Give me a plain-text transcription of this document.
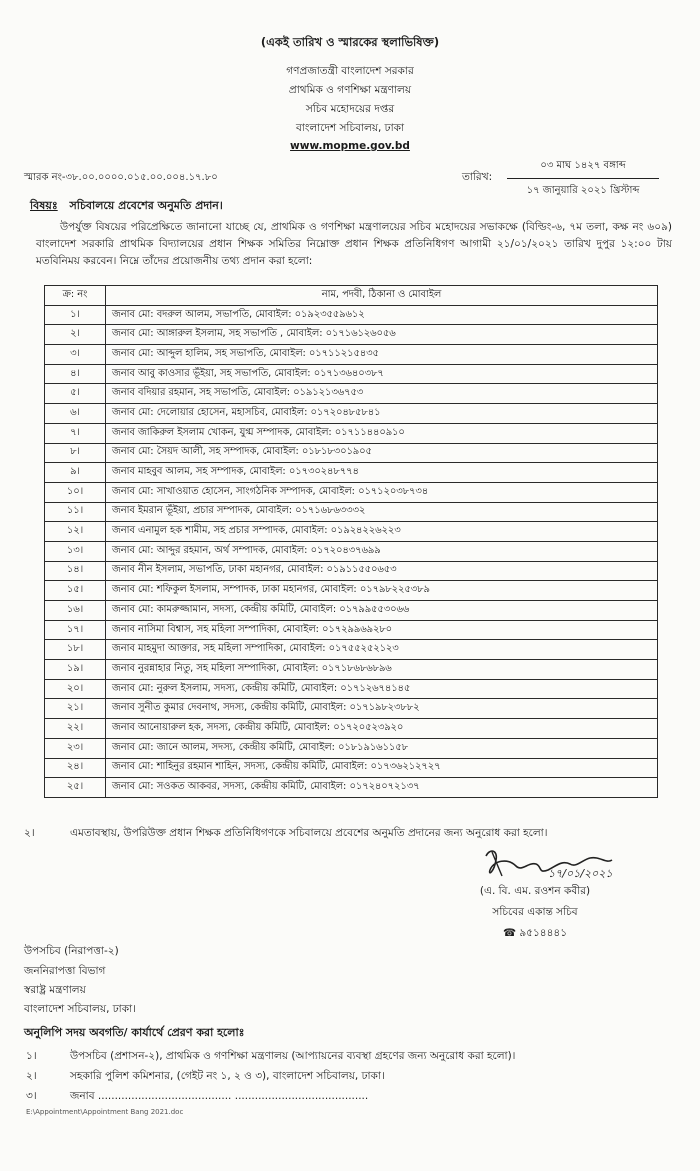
(একই তারিখ ও স্মারকের স্থলাভিষিক্ত)
গণপ্রজাতন্ত্রী বাংলাদেশ সরকার
প্রাথমিক ও গণশিক্ষা মন্ত্রণালয়
সচিব মহোদয়ের দপ্তর
বাংলাদেশ সচিবালয়, ঢাকা
www.mopme.gov.bd
স্মারক নং-৩৮.০০.০০০০.০১৫.০০.০০৪.১৭.৮০	তারিখ:
০৩ মাঘ ১৪২৭ বঙ্গাব্দ
১৭ জানুয়ারি ২০২১ খ্রিস্টাব্দ
বিষয়ঃ সচিবালয়ে প্রবেশের অনুমতি প্রদান।
উপর্যুক্ত বিষয়ের পরিপ্রেক্ষিতে জানানো যাচ্ছে যে, প্রাথমিক ও গণশিক্ষা মন্ত্রণালয়ের সচিব মহোদয়ের সভাকক্ষে (বিল্ডিং-৬, ৭ম তলা, কক্ষ নং ৬০৯) বাংলাদেশ সরকারি প্রাথমিক বিদ্যালয়ের প্রধান শিক্ষক সমিতির নিম্নোক্ত প্রধান শিক্ষক প্রতিনিধিগণ আগামী ২১/০১/২০২১ তারিখ দুপুর ১২:০০ টায় মতবিনিময় করবেন। নিম্নে তাঁদের প্রয়োজনীয় তথ্য প্রদান করা হলো:
ক্র: নং	নাম, পদবী, ঠিকানা ও মোবাইল
১।	জনাব মো: বদরুল আলম, সভাপতি, মোবাইল: ০১৯২৩৫৫৯৬১২
২।	জনাব মো: আঙ্গারুল ইসলাম, সহ সভাপতি , মোবাইল: ০১৭১৬১২৬০৫৬
৩।	জনাব মো: আব্দুল হালিম, সহ সভাপতি, মোবাইল: ০১৭১১২১৫৪৩৫
৪।	জনাব আবু কাওসার ভূঁইয়া, সহ সভাপতি, মোবাইল: ০১৭১৩৬৪০৩৮৭
৫।	জনাব বদিয়ার রহমান, সহ সভাপতি, মোবাইল: ০১৯১২১৩৬৭৫৩
৬।	জনাব মো: দেলোয়ার হোসেন, মহাসচিব, মোবাইল: ০১৭২০৪৮৫৮৪১
৭।	জনাব জাকিরুল ইসলাম খোকন, যুগ্ম সম্পাদক, মোবাইল: ০১৭১১৪৪০৯১০
৮।	জনাব মো: সৈয়দ আলী, সহ সম্পাদক, মোবাইল: ০১৮১৮৩০১৯০৫
৯।	জনাব মাহবুব আলম, সহ সম্পাদক, মোবাইল: ০১৭৩০২৪৮৭৭৪
১০।	জনাব মো: সাখাওয়াত হোসেন, সাংগঠনিক সম্পাদক, মোবাইল: ০১৭১২০৩৮৭৩৪
১১।	জনাব ইমরান ভূঁইয়া, প্রচার সম্পাদক, মোবাইল: ০১৭১৬৮৬৩৩৩২
১২।	জনাব এনামুল হক শামীম, সহ প্রচার সম্পাদক, মোবাইল: ০১৯২৪২২৬২২৩
১৩।	জনাব মো: আব্দুর রহমান, অর্থ সম্পাদক, মোবাইল: ০১৭২০৪৩৭৬৯৯
১৪।	জনাব নীন ইসলাম, সভাপতি, ঢাকা মহানগর, মোবাইল: ০১৯১১৫৫০৬৫৩
১৫।	জনাব মো: শফিকুল ইসলাম, সম্পাদক, ঢাকা মহানগর, মোবাইল: ০১৭৯৮২২৫৩৮৯
১৬।	জনাব মো: কামরুজ্জামান, সদস্য, কেন্দ্রীয় কমিটি, মোবাইল: ০১৭৯৯৫৫৩০৬৬
১৭।	জনাব নাসিমা বিশ্বাস, সহ মহিলা সম্পাদিকা, মোবাইল: ০১৭২৯৯৬৯২৮০
১৮।	জনাব মাহমুদা আক্তার, সহ মহিলা সম্পাদিকা, মোবাইল: ০১৭৫৫২৫২১২৩
১৯।	জনাব নুরন্নাহার নিতু, সহ মহিলা সম্পাদিকা, মোবাইল: ০১৭১৮৬৮৬৮৯৬
২০।	জনাব মো: নুরুল ইসলাম, সদস্য, কেন্দ্রীয় কমিটি, মোবাইল: ০১৭১২৬৭৪১৪৫
২১।	জনাব সুনীত কুমার দেবনাথ, সদস্য, কেন্দ্রীয় কমিটি, মোবাইল: ০১৭১৯৮২৩৮৮২
২২।	জনাব আনোয়ারুল হক, সদস্য, কেন্দ্রীয় কমিটি, মোবাইল: ০১৭২০৫২৩৯২০
২৩।	জনাব মো: জানে আলম, সদস্য, কেন্দ্রীয় কমিটি, মোবাইল: ০১৮১৯১৬১১৫৮
২৪।	জনাব মো: শাহিনুর রহমান শাহিন, সদস্য, কেন্দ্রীয় কমিটি, মোবাইল: ০১৭৩৬২১২৭২৭
২৫।	জনাব মো: সওকত আকবর, সদস্য, কেন্দ্রীয় কমিটি, মোবাইল: ০১৭২৪০৭২১৩৭
২।	এমতাবস্থায়, উপরিউক্ত প্রধান শিক্ষক প্রতিনিধিগণকে সচিবালয়ে প্রবেশের অনুমতি প্রদানের জন্য অনুরোধ করা হলো।
১৭/০১/২০২১
(এ. বি. এম. রওশন কবীর)
সচিবের একান্ত সচিব
☎ ৯৫১৪৪৪১
উপসচিব (নিরাপত্তা-২)
জননিরাপত্তা বিভাগ
স্বরাষ্ট্র মন্ত্রণালয়
বাংলাদেশ সচিবালয়, ঢাকা।
অনুলিপি সদয় অবগতি/ কার্যার্থে প্রেরণ করা হলোঃ
১।	উপসচিব (প্রশাসন-২), প্রাথমিক ও গণশিক্ষা মন্ত্রণালয় (আপ্যায়নের ব্যবস্থা গ্রহণের জন্য অনুরোধ করা হলো)।
২।	সহকারি পুলিশ কমিশনার, (গেইট নং ১, ২ ও ৩), বাংলাদেশ সচিবালয়, ঢাকা।
৩।	জনাব ........................................ ........................................
E:\Appointment\Appointment Bang 2021.doc
